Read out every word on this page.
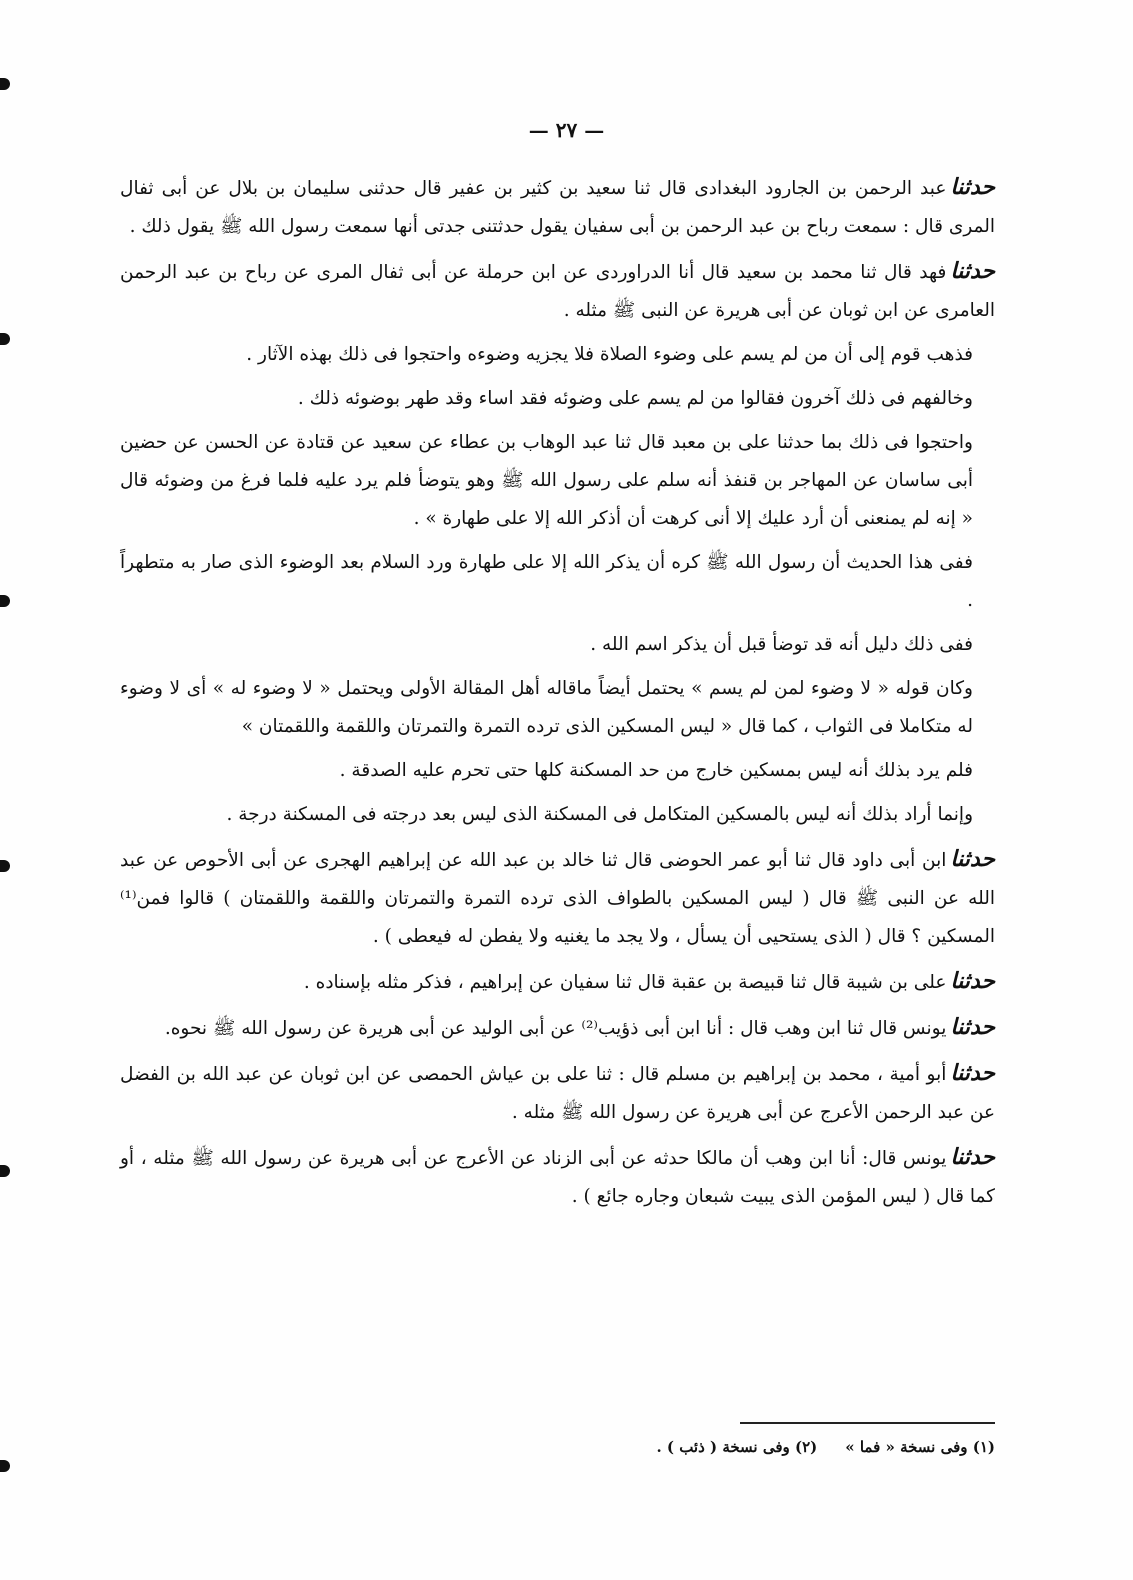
— ٢٧ —

حدثناعبد الرحمن بن الجارود البغدادى قال ثنا سعيد بن كثير بن عفير قال حدثنى سليمان بن بلال عن أبى ثفال المرى قال : سمعت رباح بن عبد الرحمن بن أبى سفيان يقول حدثتنى جدتى أنها سمعت رسول الله ﷺ يقول ذلك .

حدثنافهد قال ثنا محمد بن سعيد قال أنا الدراوردى عن ابن حرملة عن أبى ثفال المرى عن رباح بن عبد الرحمن العامرى عن ابن ثوبان عن أبى هريرة عن النبى ﷺ مثله .

فذهب قوم إلى أن من لم يسم على وضوء الصلاة فلا يجزيه وضوءه واحتجوا فى ذلك بهذه الآثار .

وخالفهم فى ذلك آخرون فقالوا من لم يسم على وضوئه فقد اساء وقد طهر بوضوئه ذلك .

واحتجوا فى ذلك بما حدثنا على بن معبد قال ثنا عبد الوهاب بن عطاء عن سعيد عن قتادة عن الحسن عن حضين أبى ساسان عن المهاجر بن قنفذ أنه سلم على رسول الله ﷺ وهو يتوضأ فلم يرد عليه فلما فرغ من وضوئه قال « إنه لم يمنعنى أن أرد عليك إلا أنى كرهت أن أذكر الله إلا على طهارة » .

ففى هذا الحديث أن رسول الله ﷺ كره أن يذكر الله إلا على طهارة ورد السلام بعد الوضوء الذى صار به متطهراً .

ففى ذلك دليل أنه قد توضأ قبل أن يذكر اسم الله .

وكان قوله « لا وضوء لمن لم يسم » يحتمل أيضاً ماقاله أهل المقالة الأولى ويحتمل « لا وضوء له » أى لا وضوء له متكاملا فى الثواب ، كما قال « ليس المسكين الذى ترده التمرة والتمرتان واللقمة واللقمتان »

فلم يرد بذلك أنه ليس بمسكين خارج من حد المسكنة كلها حتى تحرم عليه الصدقة .

وإنما أراد بذلك أنه ليس بالمسكين المتكامل فى المسكنة الذى ليس بعد درجته فى المسكنة درجة .

حدثناابن أبى داود قال ثنا أبو عمر الحوضى قال ثنا خالد بن عبد الله عن إبراهيم الهجرى عن أبى الأحوص عن عبد الله عن النبى ﷺ قال ( ليس المسكين بالطواف الذى ترده التمرة والتمرتان واللقمة واللقمتان ) قالوا فمن⁽¹⁾ المسكين ؟ قال ( الذى يستحيى أن يسأل ، ولا يجد ما يغنيه ولا يفطن له فيعطى ) .

حدثناعلى بن شيبة قال ثنا قبيصة بن عقبة قال ثنا سفيان عن إبراهيم ، فذكر مثله بإسناده .

حدثنايونس قال ثنا ابن وهب قال : أنا ابن أبى ذؤيب⁽²⁾ عن أبى الوليد عن أبى هريرة عن رسول الله ﷺ نحوه.

حدثناأبو أمية ، محمد بن إبراهيم بن مسلم قال : ثنا على بن عياش الحمصى عن ابن ثوبان عن عبد الله بن الفضل عن عبد الرحمن الأعرج عن أبى هريرة عن رسول الله ﷺ مثله .

حدثنايونس قال: أنا ابن وهب أن مالكا حدثه عن أبى الزناد عن الأعرج عن أبى هريرة عن رسول الله ﷺ مثله ، أو كما قال ( ليس المؤمن الذى يبيت شبعان وجاره جائع ) .

(١) وفى نسخة « فما »(٢) وفى نسخة ( ذئب ) .
